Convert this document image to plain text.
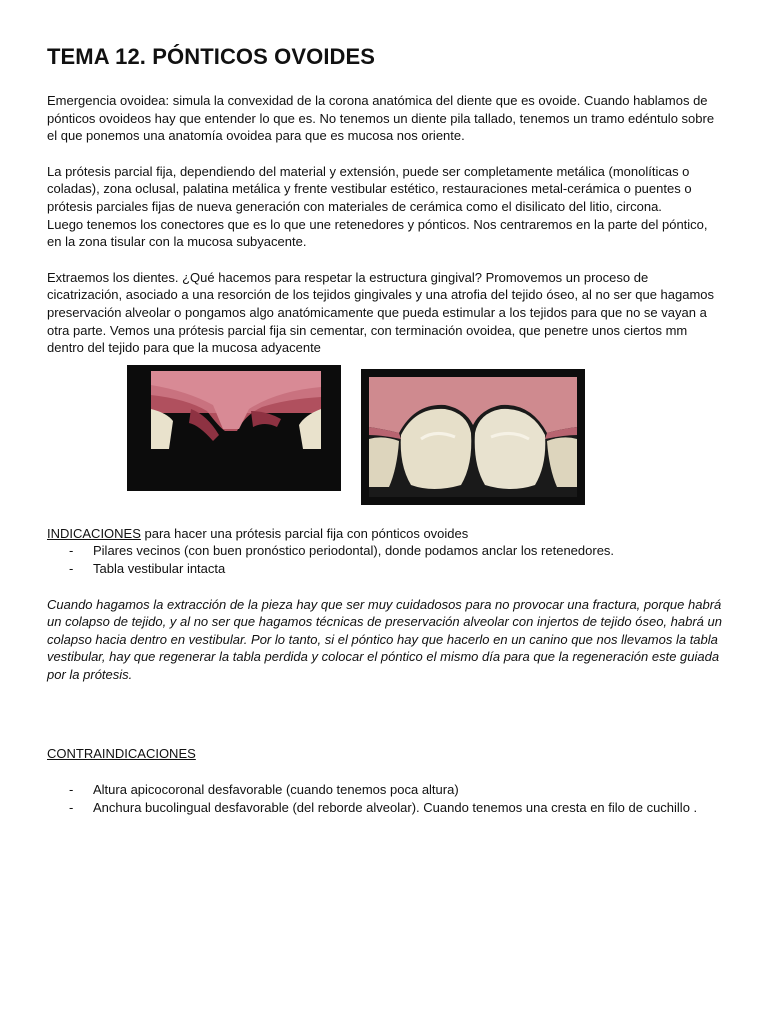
TEMA 12. PÓNTICOS OVOIDES

Emergencia ovoidea: simula la convexidad de la corona anatómica del diente que es ovoide. Cuando hablamos de pónticos ovoideos hay que entender lo que es. No tenemos un diente pila tallado, tenemos un tramo edéntulo sobre el que ponemos una anatomía ovoidea para que es mucosa nos oriente.

La prótesis parcial fija, dependiendo del material y extensión, puede ser completamente metálica (monolíticas o coladas), zona oclusal, palatina metálica y frente vestibular estético, restauraciones metal-cerámica o puentes o prótesis parciales fijas de nueva generación con materiales de cerámica como el disilicato del litio, circona.

Luego tenemos los conectores que es lo que une retenedores y pónticos. Nos centraremos en la parte del póntico, en la zona tisular con la mucosa subyacente.

Extraemos los dientes. ¿Qué hacemos para respetar la estructura gingival? Promovemos un proceso de cicatrización, asociado a una resorción de los tejidos gingivales y una atrofia del tejido óseo, al no ser que hagamos preservación alveolar o pongamos algo anatómicamente que pueda estimular a los tejidos para que no se vayan a otra parte. Vemos una prótesis parcial fija sin cementar, con terminación ovoidea, que penetre unos ciertos mm dentro del tejido para que la mucosa adyacente

INDICACIONES para hacer una prótesis parcial fija con pónticos ovoides

- Pilares vecinos (con buen pronóstico periodontal), donde podamos anclar los retenedores.
- Tabla vestibular intacta

Cuando hagamos la extracción de la pieza hay que ser muy cuidadosos para no provocar una fractura, porque habrá un colapso de tejido, y al no ser que hagamos técnicas de preservación alveolar con injertos de tejido óseo, habrá un colapso hacia dentro en vestibular. Por lo tanto, si el póntico hay que hacerlo en un canino que nos llevamos la tabla vestibular, hay que regenerar la tabla perdida y colocar el póntico el mismo día para que la regeneración este guiada por la prótesis.

CONTRAINDICACIONES

- Altura apicocoronal desfavorable (cuando tenemos poca altura)
- Anchura bucolingual desfavorable (del reborde alveolar). Cuando tenemos una cresta en filo de cuchillo .
